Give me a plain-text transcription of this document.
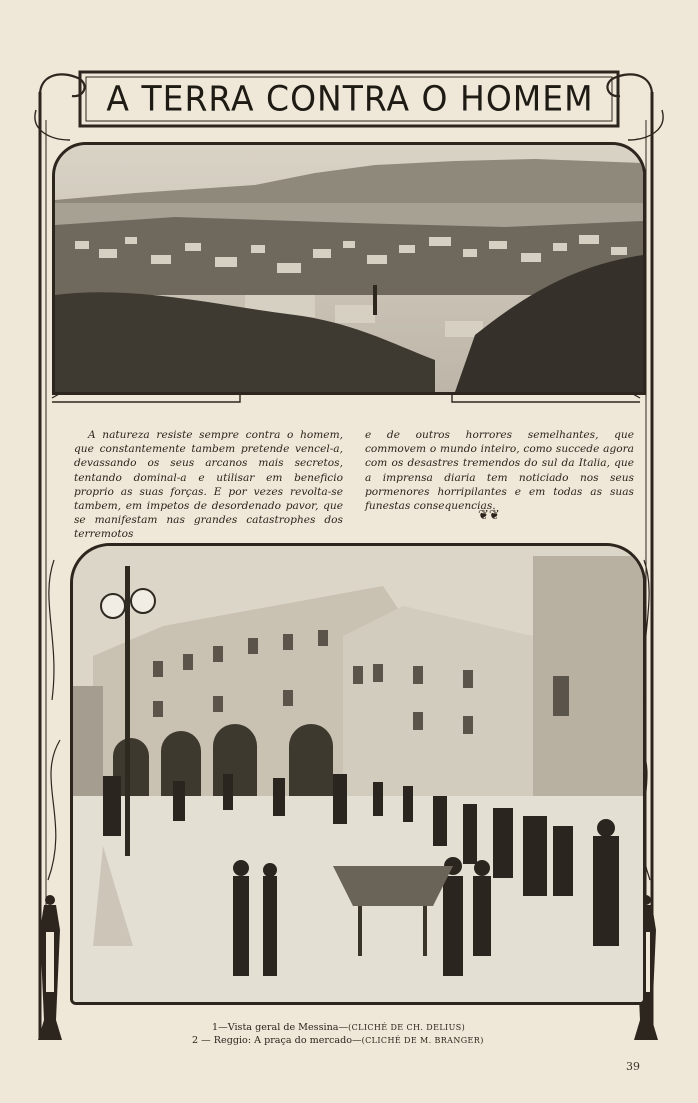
A TERRA CONTRA O HOMEM

A natureza resiste sempre contra o homem, que constantemente tambem pretende vencel-a, devassando os seus arcanos mais secretos, tentando dominal-a e utilisar em beneficio proprio as suas forças. E por vezes revolta-se tambem, em impetos de desordenado pavor, que se manifestam nas grandes catastrophes dos terremotos

e de outros horrores semelhantes, que commovem o mundo inteiro, como succede agora com os desastres tremendos do sul da Italia, que a imprensa diaria tem noticiado nos seus pormenores horripilantes e em todas as suas funestas consequencias.

❦❦
1—Vista geral de Messina—(CLICHÉ DE CH. DELIUS)
2 — Reggio: A praça do mercado—(CLICHÉ DE M. BRANGER)
39
